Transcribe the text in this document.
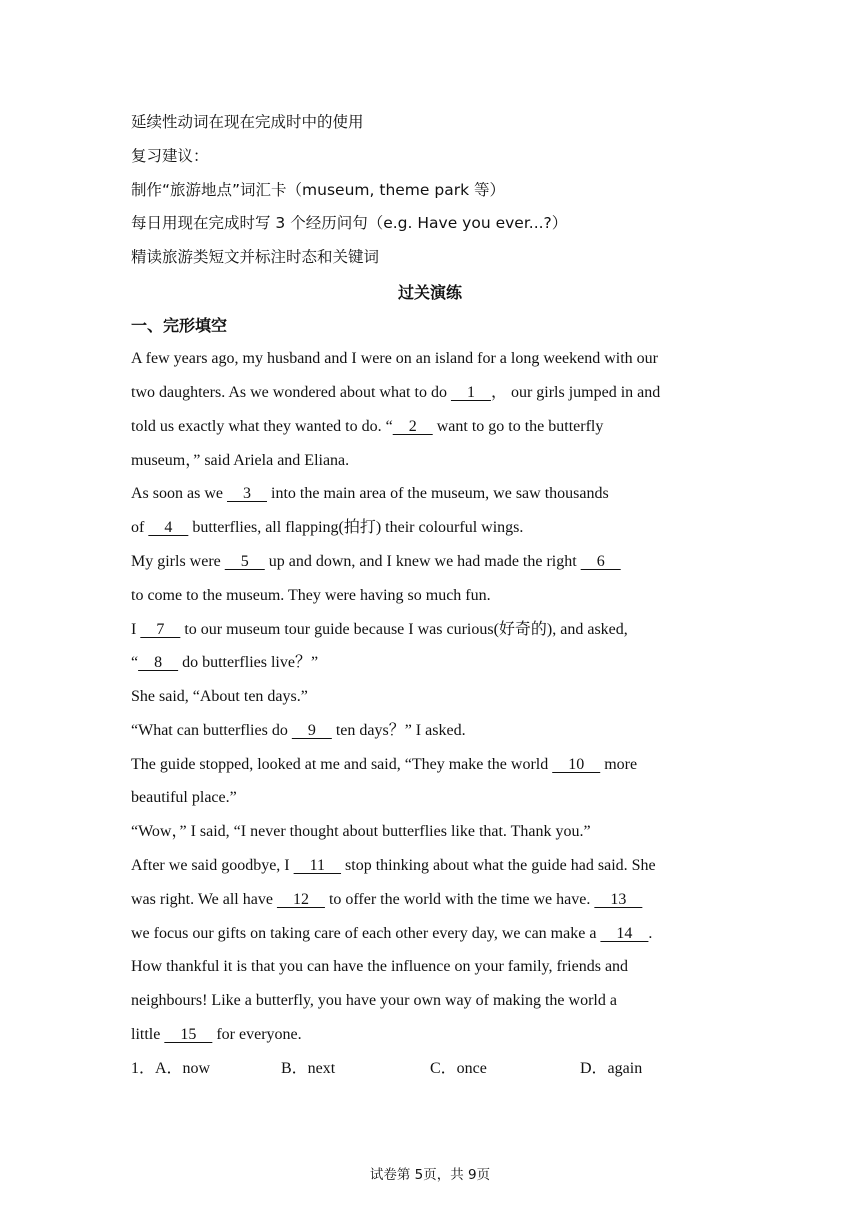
延续性动词在现在完成时中的使用
复习建议：
制作“旅游地点”词汇卡（museum, theme park 等）
每日用现在完成时写 3 个经历问句（e.g. Have you ever...?）
精读旅游类短文并标注时态和关键词
过关演练
一、完形填空
A few years ago, my husband and I were on an island for a long weekend with our
two daughters. As we wondered about what to do     1    ， our girls jumped in and
told us exactly what they wanted to do. “    2     want to go to the butterfly
museum，” said Ariela and Eliana.
As soon as we     3     into the main area of the museum, we saw thousands
of     4     butterflies, all flapping(拍打) their colourful wings.
My girls were     5     up and down, and I knew we had made the right     6
to come to the museum. They were having so much fun.
I     7     to our museum tour guide because I was curious(好奇的), and asked,
“    8     do butterflies live？”
She said, “About ten days.”
“What can butterflies do     9     ten days？” I asked.
The guide stopped, looked at me and said, “They make the world     10     more
beautiful place.”
“Wow，” I said, “I never thought about butterflies like that. Thank you.”
After we said goodbye, I     11     stop thinking about what the guide had said. She
was right. We all have     12     to offer the world with the time we have.     13
we focus our gifts on taking care of each other every day, we can make a     14    .
How thankful it is that you can have the influence on your family, friends and
neighbours! Like a butterfly, you have your own way of making the world a
little     15     for everyone.
1． A．now	B．next	C．once	D．again
试卷第 5页，共 9页
